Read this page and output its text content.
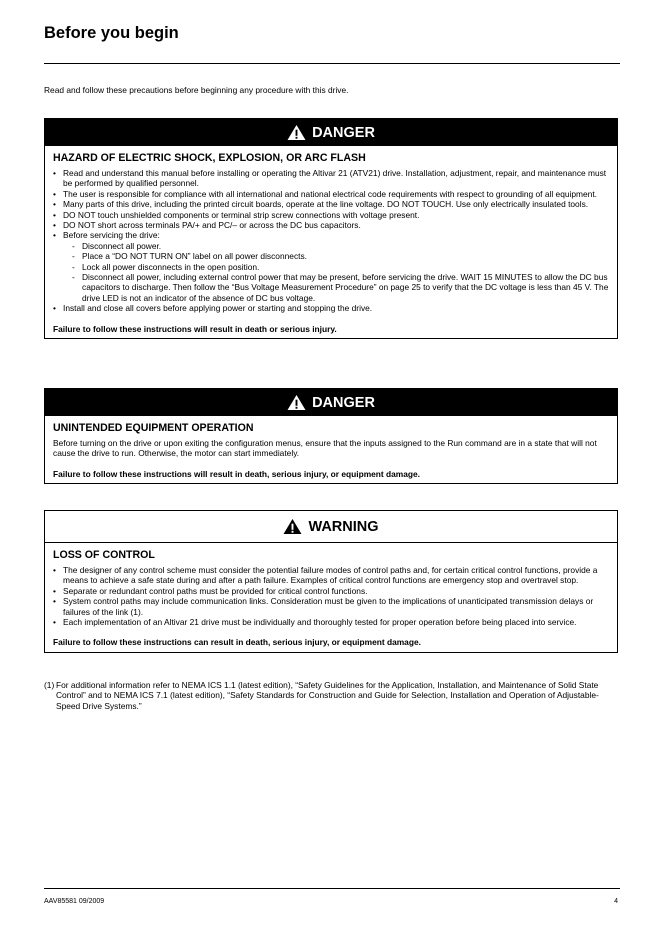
Before you begin
Read and follow these precautions before beginning any procedure with this drive.
DANGER
HAZARD OF ELECTRIC SHOCK, EXPLOSION, OR ARC FLASH
• Read and understand this manual before installing or operating the Altivar 21 (ATV21) drive. Installation, adjustment, repair, and maintenance must be performed by qualified personnel.
• The user is responsible for compliance with all international and national electrical code requirements with respect to grounding of all equipment.
• Many parts of this drive, including the printed circuit boards, operate at the line voltage. DO NOT TOUCH. Use only electrically insulated tools.
• DO NOT touch unshielded components or terminal strip screw connections with voltage present.
• DO NOT short across terminals PA/+ and PC/– or across the DC bus capacitors.
• Before servicing the drive:
- Disconnect all power.
- Place a “DO NOT TURN ON” label on all power disconnects.
- Lock all power disconnects in the open position.
- Disconnect all power, including external control power that may be present, before servicing the drive. WAIT 15 MINUTES to allow the DC bus capacitors to discharge. Then follow the “Bus Voltage Measurement Procedure” on page 25 to verify that the DC voltage is less than 45 V. The drive LED is not an indicator of the absence of DC bus voltage.
• Install and close all covers before applying power or starting and stopping the drive.
Failure to follow these instructions will result in death or serious injury.
DANGER
UNINTENDED EQUIPMENT OPERATION
Before turning on the drive or upon exiting the configuration menus, ensure that the inputs assigned to the Run command are in a state that will not cause the drive to run. Otherwise, the motor can start immediately.
Failure to follow these instructions will result in death, serious injury, or equipment damage.
WARNING
LOSS OF CONTROL
• The designer of any control scheme must consider the potential failure modes of control paths and, for certain critical control functions, provide a means to achieve a safe state during and after a path failure. Examples of critical control functions are emergency stop and overtravel stop.
• Separate or redundant control paths must be provided for critical control functions.
• System control paths may include communication links. Consideration must be given to the implications of unanticipated transmission delays or failures of the link (1).
• Each implementation of an Altivar 21 drive must be individually and thoroughly tested for proper operation before being placed into service.
Failure to follow these instructions can result in death, serious injury, or equipment damage.
(1) For additional information refer to NEMA ICS 1.1 (latest edition), “Safety Guidelines for the Application, Installation, and Maintenance of Solid State Control” and to NEMA ICS 7.1 (latest edition), “Safety Standards for Construction and Guide for Selection, Installation and Operation of Adjustable-Speed Drive Systems.”
AAV85581 09/2009	4
